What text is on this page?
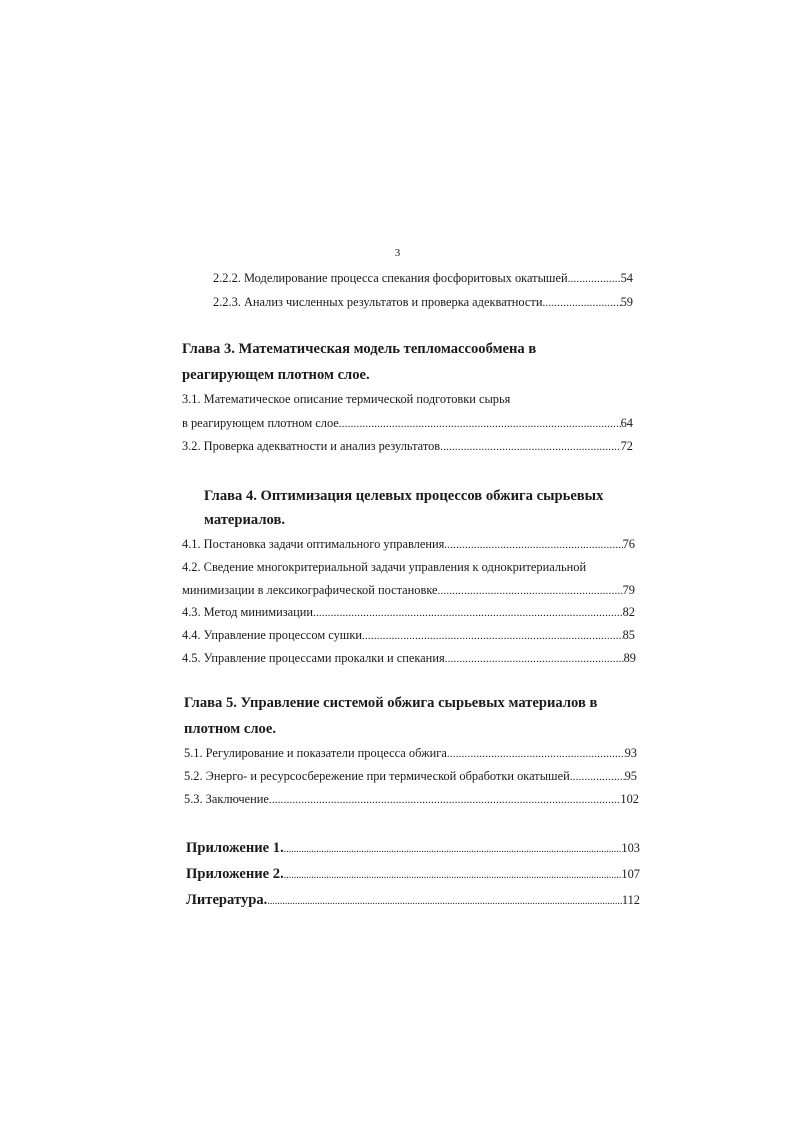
3
2.2.2. Моделирование процесса спекания фосфоритовых окатышей .....	54
2.2.3. Анализ численных результатов и проверка адекватности .....	59
Глава 3. Математическая модель тепломассообмена в
реагирующем плотном слое.
3.1. Математическое описание термической подготовки сырья
в реагирующем плотном слое .....	64
3.2. Проверка адекватности и анализ результатов .....	72
Глава 4. Оптимизация целевых процессов обжига сырьевых
материалов.
4.1. Постановка задачи оптимального управления .....	76
4.2. Сведение многокритериальной задачи управления к однокритериальной
минимизации в лексикографической постановке .....	79
4.3. Метод минимизации .....	82
4.4. Управление процессом сушки .....	85
4.5. Управление процессами прокалки и спекания .....	89
Глава 5. Управление системой обжига сырьевых материалов в
плотном слое.
5.1. Регулирование и показатели процесса обжига .....	93
5.2. Энерго- и ресурсосбережение при термической обработки окатышей .....	95
5.3. Заключение .....	102
Приложение 1. .....	103
Приложение 2. .....	107
Литература. .....	112
